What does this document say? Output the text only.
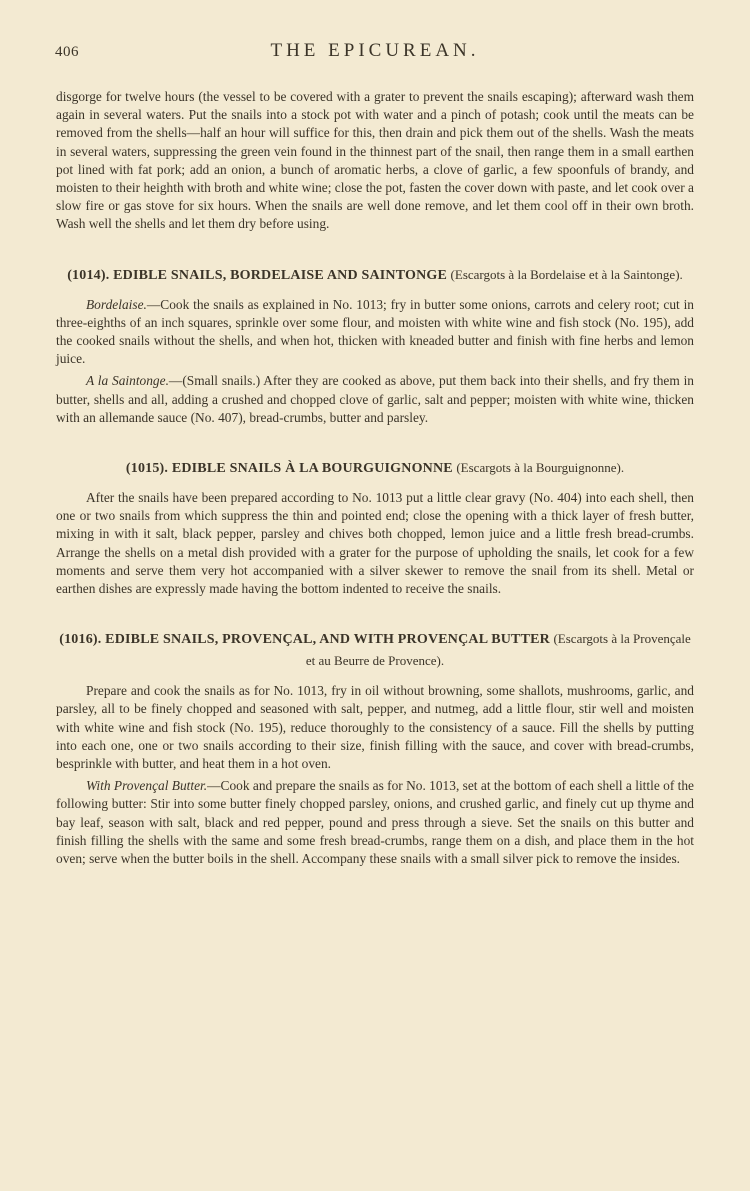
406	THE EPICUREAN.

disgorge for twelve hours (the vessel to be covered with a grater to prevent the snails escaping); afterward wash them again in several waters. Put the snails into a stock pot with water and a pinch of potash; cook until the meats can be removed from the shells—half an hour will suffice for this, then drain and pick them out of the shells. Wash the meats in several waters, suppressing the green vein found in the thinnest part of the snail, then range them in a small earthen pot lined with fat pork; add an onion, a bunch of aromatic herbs, a clove of garlic, a few spoonfuls of brandy, and moisten to their heighth with broth and white wine; close the pot, fasten the cover down with paste, and let cook over a slow fire or gas stove for six hours. When the snails are well done remove, and let them cool off in their own broth. Wash well the shells and let them dry before using.

(1014). EDIBLE SNAILS, BORDELAISE AND SAINTONGE (Escargots à la Bordelaise et à la Saintonge).

Bordelaise.—Cook the snails as explained in No. 1013; fry in butter some onions, carrots and celery root; cut in three-eighths of an inch squares, sprinkle over some flour, and moisten with white wine and fish stock (No. 195), add the cooked snails without the shells, and when hot, thicken with kneaded butter and finish with fine herbs and lemon juice.

A la Saintonge.—(Small snails.) After they are cooked as above, put them back into their shells, and fry them in butter, shells and all, adding a crushed and chopped clove of garlic, salt and pepper; moisten with white wine, thicken with an allemande sauce (No. 407), bread-crumbs, butter and parsley.

(1015). EDIBLE SNAILS À LA BOURGUIGNONNE (Escargots à la Bourguignonne).

After the snails have been prepared according to No. 1013 put a little clear gravy (No. 404) into each shell, then one or two snails from which suppress the thin and pointed end; close the opening with a thick layer of fresh butter, mixing in with it salt, black pepper, parsley and chives both chopped, lemon juice and a little fresh bread-crumbs. Arrange the shells on a metal dish provided with a grater for the purpose of upholding the snails, let cook for a few moments and serve them very hot accompanied with a silver skewer to remove the snail from its shell. Metal or earthen dishes are expressly made having the bottom indented to receive the snails.

(1016). EDIBLE SNAILS, PROVENÇAL, AND WITH PROVENÇAL BUTTER (Escargots à la Provençale et au Beurre de Provence).

Prepare and cook the snails as for No. 1013, fry in oil without browning, some shallots, mushrooms, garlic, and parsley, all to be finely chopped and seasoned with salt, pepper, and nutmeg, add a little flour, stir well and moisten with white wine and fish stock (No. 195), reduce thoroughly to the consistency of a sauce. Fill the shells by putting into each one, one or two snails according to their size, finish filling with the sauce, and cover with bread-crumbs, besprinkle with butter, and heat them in a hot oven.

With Provençal Butter.—Cook and prepare the snails as for No. 1013, set at the bottom of each shell a little of the following butter: Stir into some butter finely chopped parsley, onions, and crushed garlic, and finely cut up thyme and bay leaf, season with salt, black and red pepper, pound and press through a sieve. Set the snails on this butter and finish filling the shells with the same and some fresh bread-crumbs, range them on a dish, and place them in the hot oven; serve when the butter boils in the shell. Accompany these snails with a small silver pick to remove the insides.
